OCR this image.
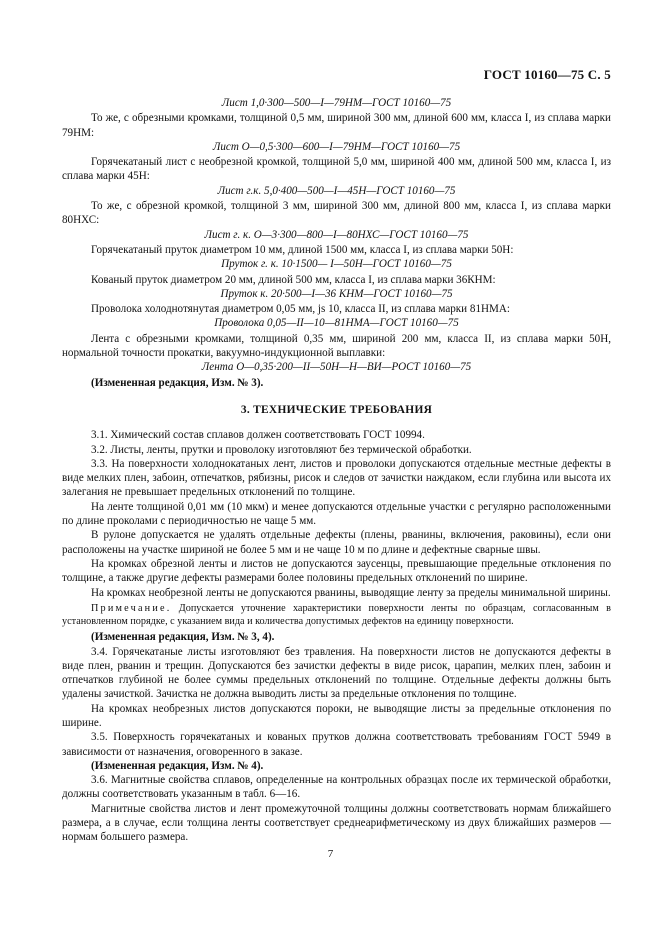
ГОСТ 10160—75 С. 5
Лист 1,0·300—500—I—79НМ—ГОСТ 10160—75

То же, с обрезными кромками, толщиной 0,5 мм, шириной 300 мм, длиной 600 мм, класса I, из сплава марки 79НМ:

Лист О—0,5·300—600—I—79НМ—ГОСТ 10160—75

Горячекатаный лист с необрезной кромкой, толщиной 5,0 мм, шириной 400 мм, длиной 500 мм, класса I, из сплава марки 45Н:

Лист г.к. 5,0·400—500—I—45Н—ГОСТ 10160—75

То же, с обрезной кромкой, толщиной 3 мм, шириной 300 мм, длиной 800 мм, класса I, из сплава марки 80НХС:

Лист г. к. О—3·300—800—I—80НХС—ГОСТ 10160—75

Горячекатаный пруток диаметром 10 мм, длиной 1500 мм, класса I, из сплава марки 50Н:

Пруток г. к. 10·1500— I—50Н—ГОСТ 10160—75

Кованый пруток диаметром 20 мм, длиной 500 мм, класса I, из сплава марки 36КНМ:

Пруток к. 20·500—I—36 КНМ—ГОСТ 10160—75

Проволока холоднотянутая диаметром 0,05 мм, js 10, класса II, из сплава марки 81НМА:

Проволока 0,05—II—10—81НМА—ГОСТ 10160—75

Лента с обрезными кромками, толщиной 0,35 мм, шириной 200 мм, класса II, из сплава марки 50Н, нормальной точности прокатки, вакуумно-индукционной выплавки:

Лента О—0,35·200—II—50Н—Н—ВИ—РОСТ 10160—75

(Измененная редакция, Изм. № 3).

3. ТЕХНИЧЕСКИЕ ТРЕБОВАНИЯ

3.1. Химический состав сплавов должен соответствовать ГОСТ 10994.

3.2. Листы, ленты, прутки и проволоку изготовляют без термической обработки.

3.3. На поверхности холоднокатаных лент, листов и проволоки допускаются отдельные местные дефекты в виде мелких плен, забоин, отпечатков, рябизны, рисок и следов от зачистки наждаком, если глубина или высота их залегания не превышает предельных отклонений по толщине.

На ленте толщиной 0,01 мм (10 мкм) и менее допускаются отдельные участки с регулярно расположенными по длине проколами с периодичностью не чаще 5 мм.

В рулоне допускается не удалять отдельные дефекты (плены, рванины, включения, раковины), если они расположены на участке шириной не более 5 мм и не чаще 10 м по длине и дефектные сварные швы.

На кромках обрезной ленты и листов не допускаются заусенцы, превышающие предельные отклонения по толщине, а также другие дефекты размерами более половины предельных отклонений по ширине.

На кромках необрезной ленты не допускаются рванины, выводящие ленту за пределы минимальной ширины.

Примечание. Допускается уточнение характеристики поверхности ленты по образцам, согласованным в установленном порядке, с указанием вида и количества допустимых дефектов на единицу поверхности.

(Измененная редакция, Изм. № 3, 4).

3.4. Горячекатаные листы изготовляют без травления. На поверхности листов не допускаются дефекты в виде плен, рванин и трещин. Допускаются без зачистки дефекты в виде рисок, царапин, мелких плен, забоин и отпечатков глубиной не более суммы предельных отклонений по толщине. Отдельные дефекты должны быть удалены зачисткой. Зачистка не должна выводить листы за предельные отклонения по толщине.

На кромках необрезных листов допускаются пороки, не выводящие листы за предельные отклонения по ширине.

3.5. Поверхность горячекатаных и кованых прутков должна соответствовать требованиям ГОСТ 5949 в зависимости от назначения, оговоренного в заказе.

(Измененная редакция, Изм. № 4).

3.6. Магнитные свойства сплавов, определенные на контрольных образцах после их термической обработки, должны соответствовать указанным в табл. 6—16.

Магнитные свойства листов и лент промежуточной толщины должны соответствовать нормам ближайшего размера, а в случае, если толщина ленты соответствует среднеарифметическому из двух ближайших размеров — нормам большего размера.

7
